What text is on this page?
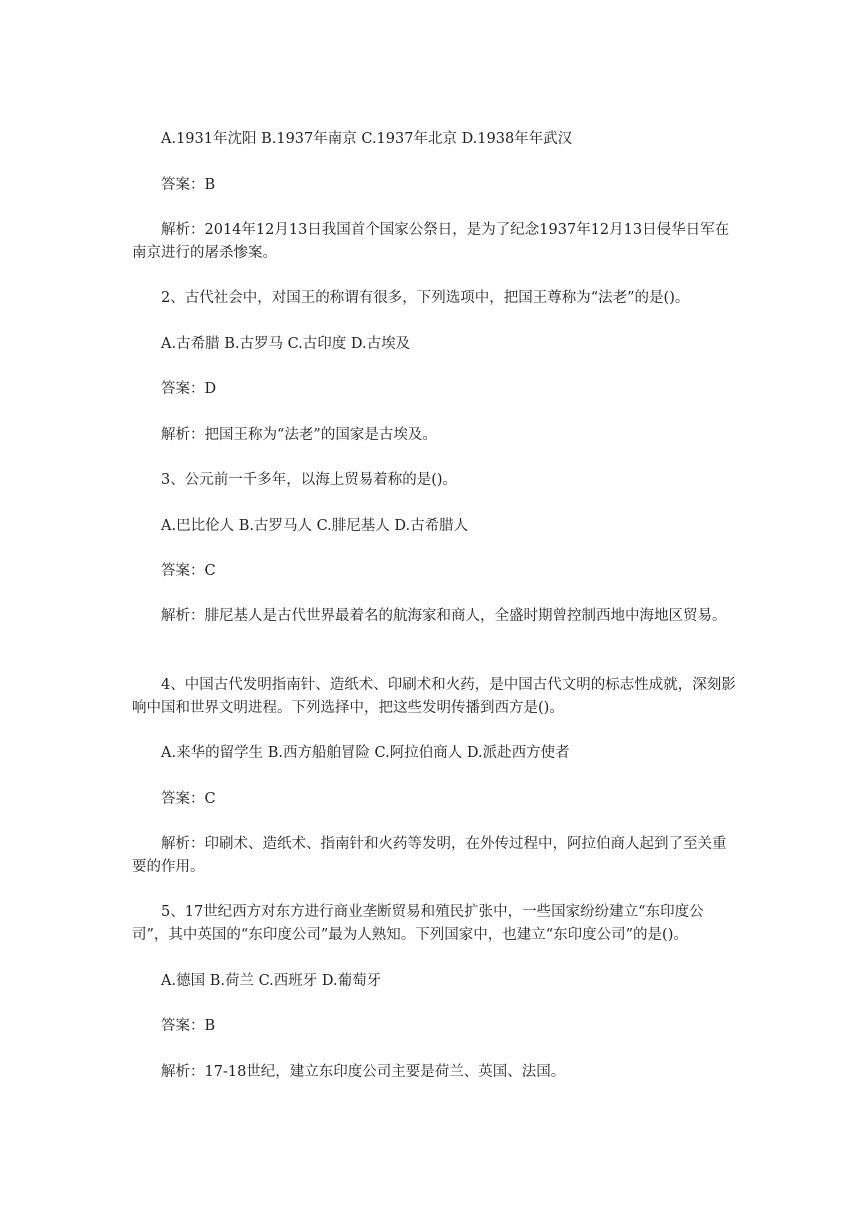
A.1931年沈阳 B.1937年南京 C.1937年北京 D.1938年年武汉

答案：B

解析：2014年12月13日我国首个国家公祭日，是为了纪念1937年12月13日侵华日军在南京进行的屠杀惨案。

2、古代社会中，对国王的称谓有很多，下列选项中，把国王尊称为“法老”的是()。

A.古希腊 B.古罗马 C.古印度 D.古埃及

答案：D

解析：把国王称为“法老”的国家是古埃及。

3、公元前一千多年，以海上贸易着称的是()。

A.巴比伦人 B.古罗马人 C.腓尼基人 D.古希腊人

答案：C

解析：腓尼基人是古代世界最着名的航海家和商人，全盛时期曾控制西地中海地区贸易。

4、中国古代发明指南针、造纸术、印刷术和火药，是中国古代文明的标志性成就，深刻影响中国和世界文明进程。下列选择中，把这些发明传播到西方是()。

A.来华的留学生 B.西方船舶冒险 C.阿拉伯商人 D.派赴西方使者

答案：C

解析：印刷术、造纸术、指南针和火药等发明，在外传过程中，阿拉伯商人起到了至关重要的作用。

5、17世纪西方对东方进行商业垄断贸易和殖民扩张中，一些国家纷纷建立“东印度公司”，其中英国的“东印度公司”最为人熟知。下列国家中，也建立“东印度公司”的是()。

A.德国 B.荷兰 C.西班牙 D.葡萄牙

答案：B

解析：17-18世纪，建立东印度公司主要是荷兰、英国、法国。
